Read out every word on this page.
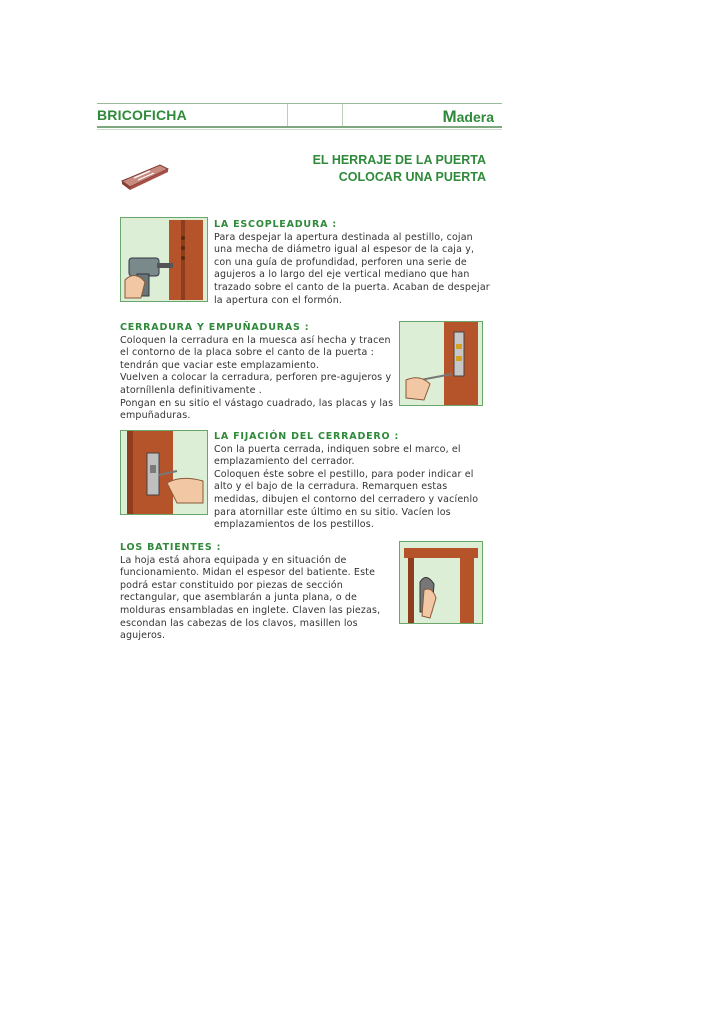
BRICOFICHA	Madera
EL HERRAJE DE LA PUERTA
COLOCAR UNA PUERTA
LA ESCOPLEADURA :

Para despejar la apertura destinada al pestillo, cojan una mecha de diámetro igual al espesor de la caja y, con una guía de profundidad, perforen una serie de agujeros a lo largo del eje vertical mediano que han trazado sobre el canto de la puerta. Acaban de despejar la apertura con el formón.

CERRADURA Y EMPUÑADURAS :

Coloquen la cerradura en la muesca así hecha y tracen el contorno de la placa sobre el canto de la puerta : tendrán que vaciar este emplazamiento.

Vuelven a colocar la cerradura, perforen pre-agujeros y atorníllenla definitivamente .

Pongan en su sitio el vástago cuadrado, las placas y las empuñaduras.

LA FIJACIÓN DEL CERRADERO :

Con la puerta cerrada, indiquen sobre el marco, el emplazamiento del cerrador.

Coloquen éste sobre el pestillo, para poder indicar el alto y el bajo de la cerradura. Remarquen estas medidas, dibujen el contorno del cerradero y vacíenlo para atornillar este último en su sitio. Vacíen los emplazamientos de los pestillos.

LOS BATIENTES :

La hoja está ahora equipada y en situación de funcionamiento. Midan el espesor del batiente. Este podrá estar constituido por piezas de sección rectangular, que asemblarán a junta plana, o de molduras ensambladas en inglete. Claven las piezas, escondan las cabezas de los clavos, masillen los agujeros.
